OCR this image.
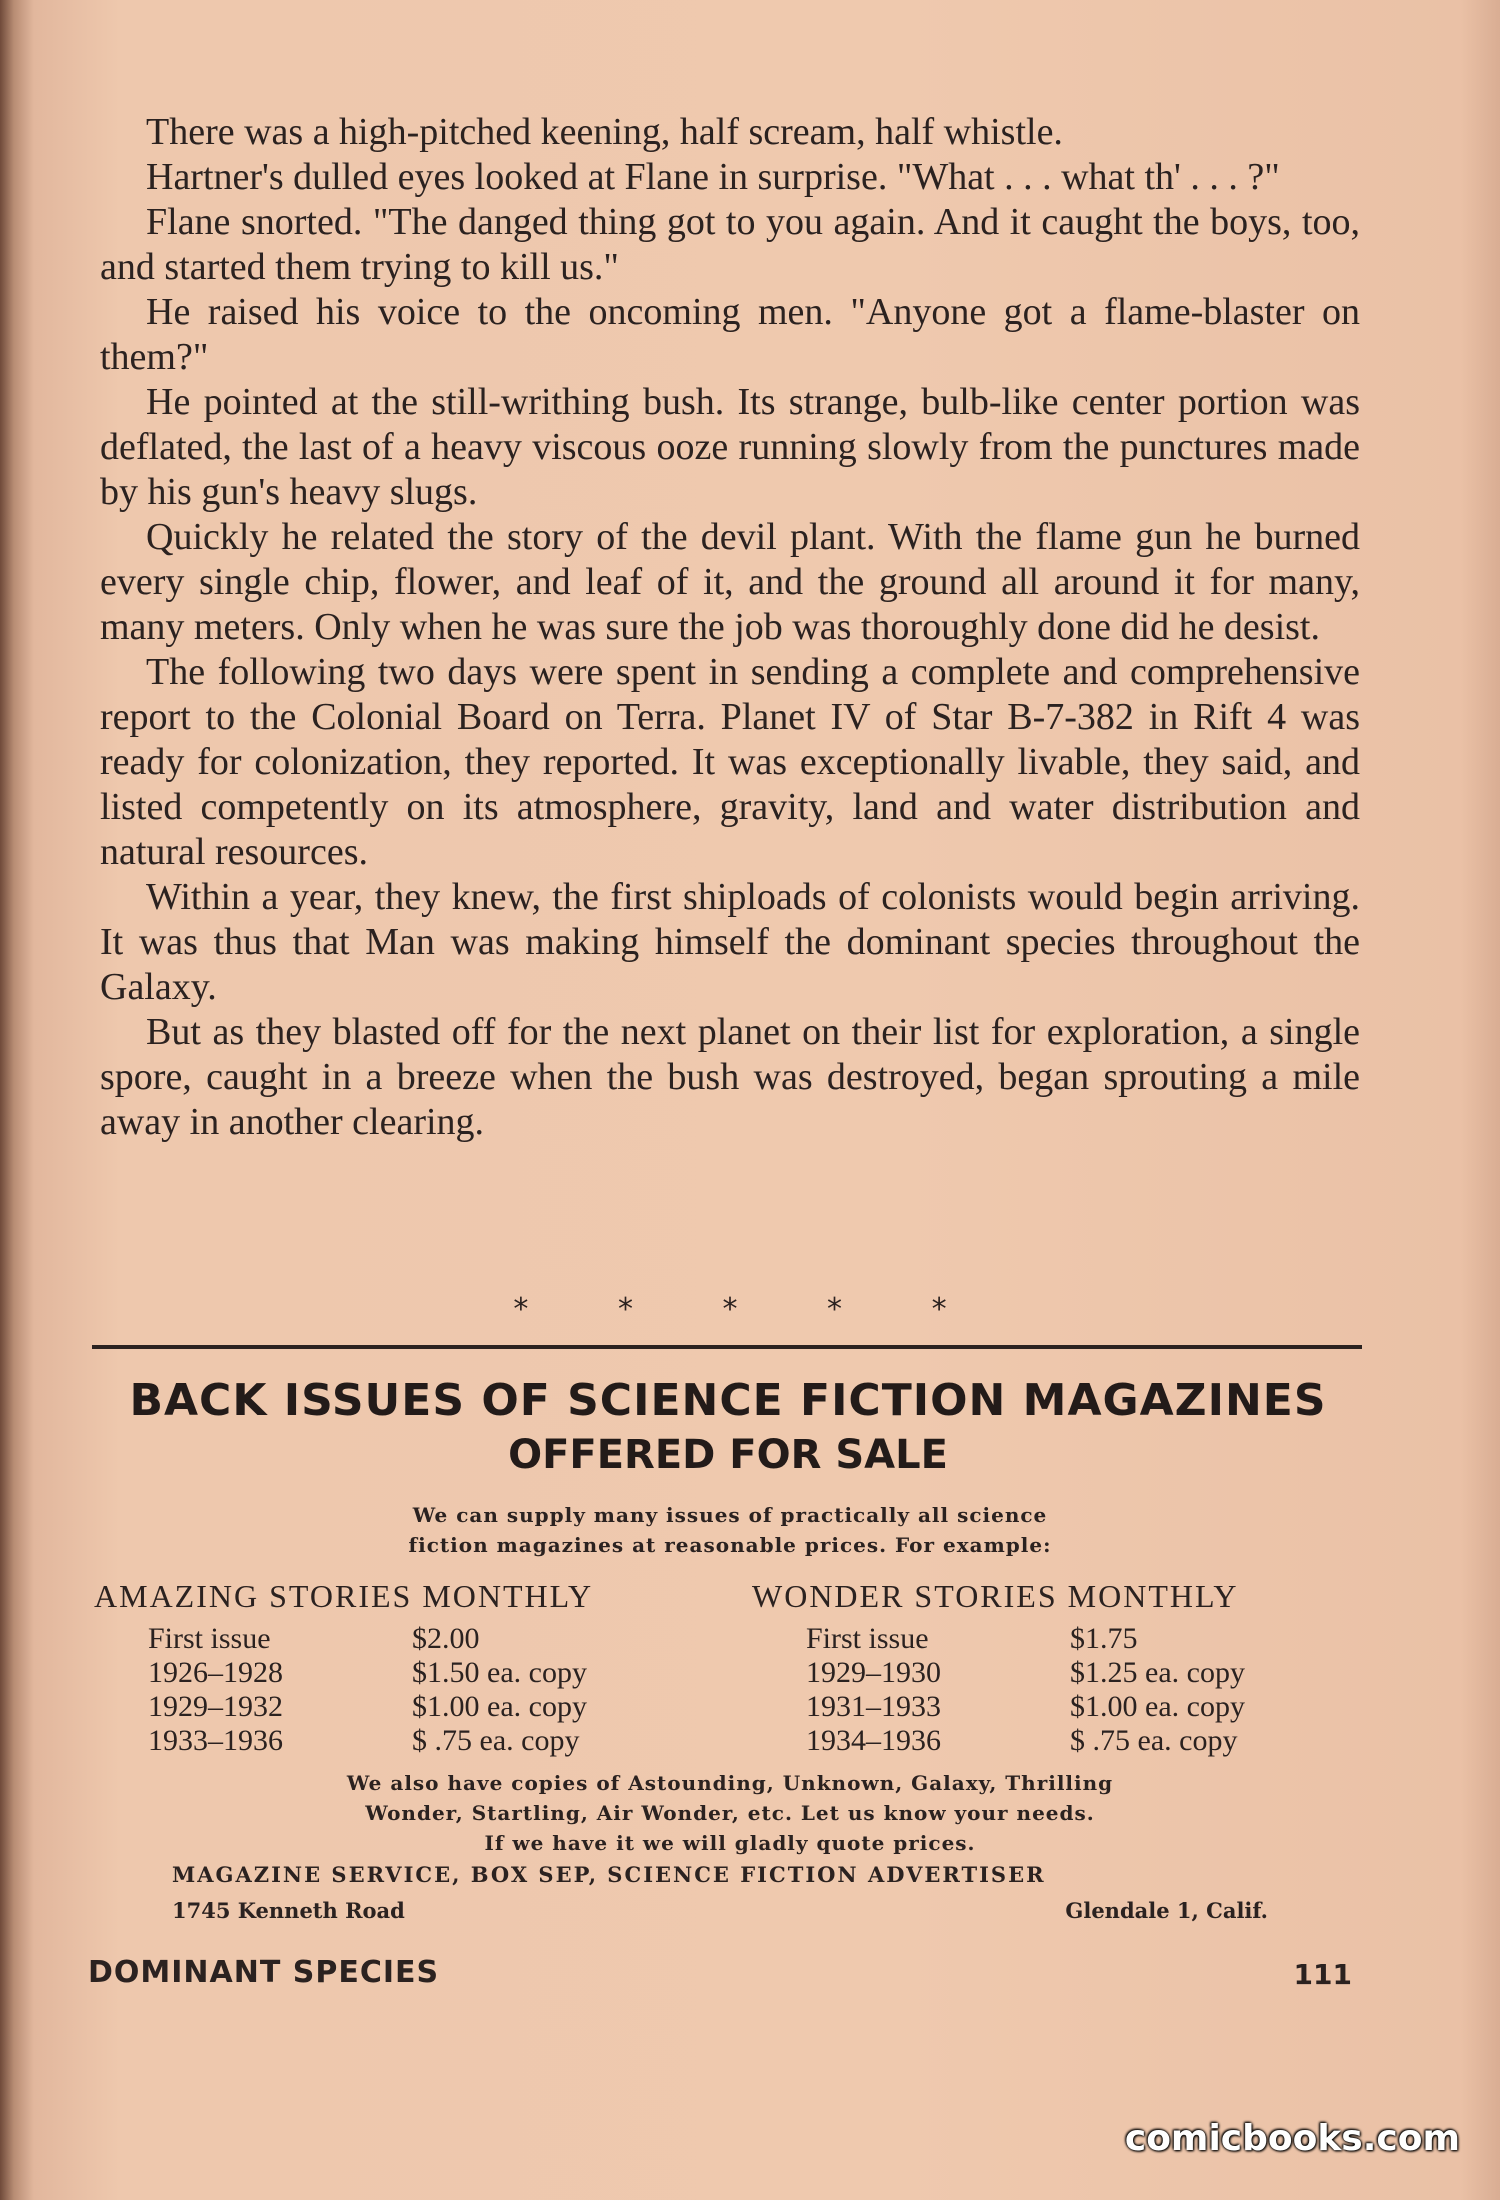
There was a high-pitched keening, half scream, half whistle.

Hartner's dulled eyes looked at Flane in surprise. "What . . . what th' . . . ?"

Flane snorted. "The danged thing got to you again. And it caught the boys, too, and started them trying to kill us."

He raised his voice to the oncoming men. "Anyone got a flame-blaster on them?"

He pointed at the still-writhing bush. Its strange, bulb-like center portion was deflated, the last of a heavy viscous ooze running slowly from the punctures made by his gun's heavy slugs.

Quickly he related the story of the devil plant. With the flame gun he burned every single chip, flower, and leaf of it, and the ground all around it for many, many meters. Only when he was sure the job was thoroughly done did he desist.

The following two days were spent in sending a complete and comprehensive report to the Colonial Board on Terra. Planet IV of Star B-7-382 in Rift 4 was ready for colonization, they reported. It was exceptionally livable, they said, and listed competently on its atmosphere, gravity, land and water distribution and natural resources.

Within a year, they knew, the first shiploads of colonists would begin arriving. It was thus that Man was making himself the dominant species throughout the Galaxy.

But as they blasted off for the next planet on their list for exploration, a single spore, caught in a breeze when the bush was destroyed, began sprouting a mile away in another clearing.

* * * * *
BACK ISSUES OF SCIENCE FICTION MAGAZINES
OFFERED FOR SALE
We can supply many issues of practically all science
fiction magazines at reasonable prices. For example:
AMAZING STORIES MONTHLY	WONDER STORIES MONTHLY
First issue	$2.00
1926–1928	$1.50 ea. copy
1929–1932	$1.00 ea. copy
1933–1936	$ .75 ea. copy
First issue	$1.75
1929–1930	$1.25 ea. copy
1931–1933	$1.00 ea. copy
1934–1936	$ .75 ea. copy
We also have copies of Astounding, Unknown, Galaxy, Thrilling
Wonder, Startling, Air Wonder, etc. Let us know your needs.
If we have it we will gladly quote prices.
MAGAZINE SERVICE, BOX SEP, SCIENCE FICTION ADVERTISER
1745 Kenneth Road	Glendale 1, Calif.
DOMINANT SPECIES	111
comicbooks.com
